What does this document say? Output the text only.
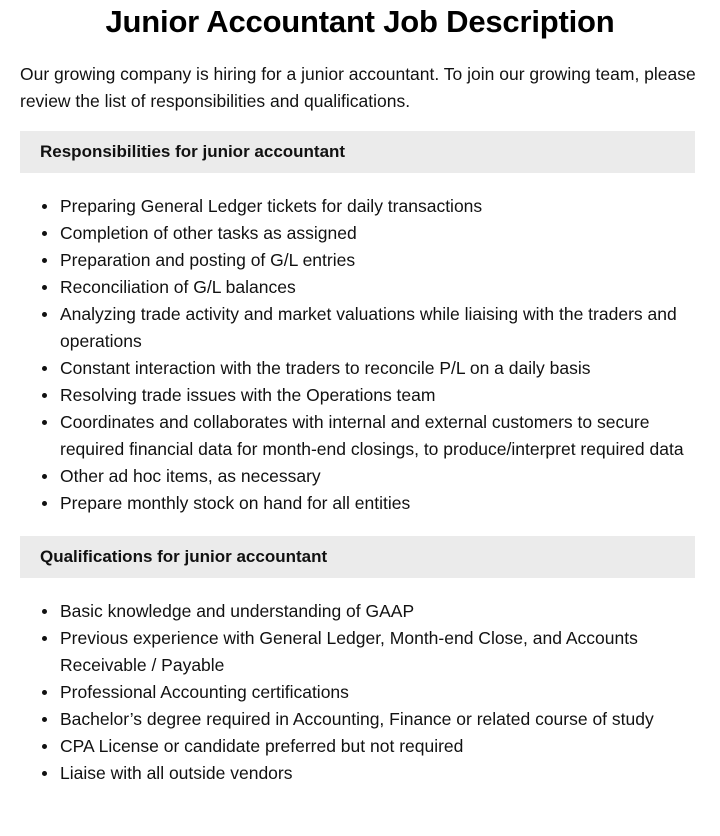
Junior Accountant Job Description

Our growing company is hiring for a junior accountant. To join our growing team, please review the list of responsibilities and qualifications.

Responsibilities for junior accountant
Preparing General Ledger tickets for daily transactions
Completion of other tasks as assigned
Preparation and posting of G/L entries
Reconciliation of G/L balances
Analyzing trade activity and market valuations while liaising with the traders and operations
Constant interaction with the traders to reconcile P/L on a daily basis
Resolving trade issues with the Operations team
Coordinates and collaborates with internal and external customers to secure required financial data for month-end closings, to produce/interpret required data
Other ad hoc items, as necessary
Prepare monthly stock on hand for all entities
Qualifications for junior accountant
Basic knowledge and understanding of GAAP
Previous experience with General Ledger, Month-end Close, and Accounts Receivable / Payable
Professional Accounting certifications
Bachelor’s degree required in Accounting, Finance or related course of study
CPA License or candidate preferred but not required
Liaise with all outside vendors
